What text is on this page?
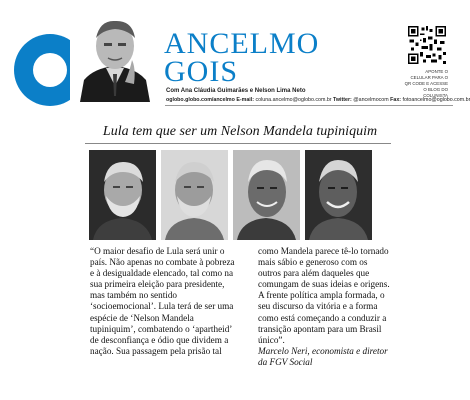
ANCELMO
GOIS
Com Ana Cláudia Guimarães e Nelson Lima Neto
oglobo.globo.com/ancelmo E-mail: coluna.ancelmo@oglobo.com.br Twitter: @ancelmocom Fax: fotoancelmo@oglobo.com.br
APONTE O CELULAR PARA O QR CODE E ACESSE O BLOG DO COLUNISTA
Lula tem que ser um Nelson Mandela tupiniquim

“O maior desafio de Lula será unir o país. Não apenas no combate à pobreza e à desigualdade elencado, tal como na sua primeira eleição para presidente, mas também no sentido ‘socioemocional’. Lula terá de ser uma espécie de ‘Nelson Mandela tupiniquim’, combatendo o ‘apartheid’ de desconfiança e ódio que dividem a nação. Sua passagem pela prisão tal

como Mandela parece tê-lo tornado mais sábio e generoso com os outros para além daqueles que comungam de suas ideias e origens. A frente política ampla formada, o seu discurso da vitória e a forma como está começando a conduzir a transição apontam para um Brasil único”.

Marcelo Neri, economista e diretor da FGV Social
